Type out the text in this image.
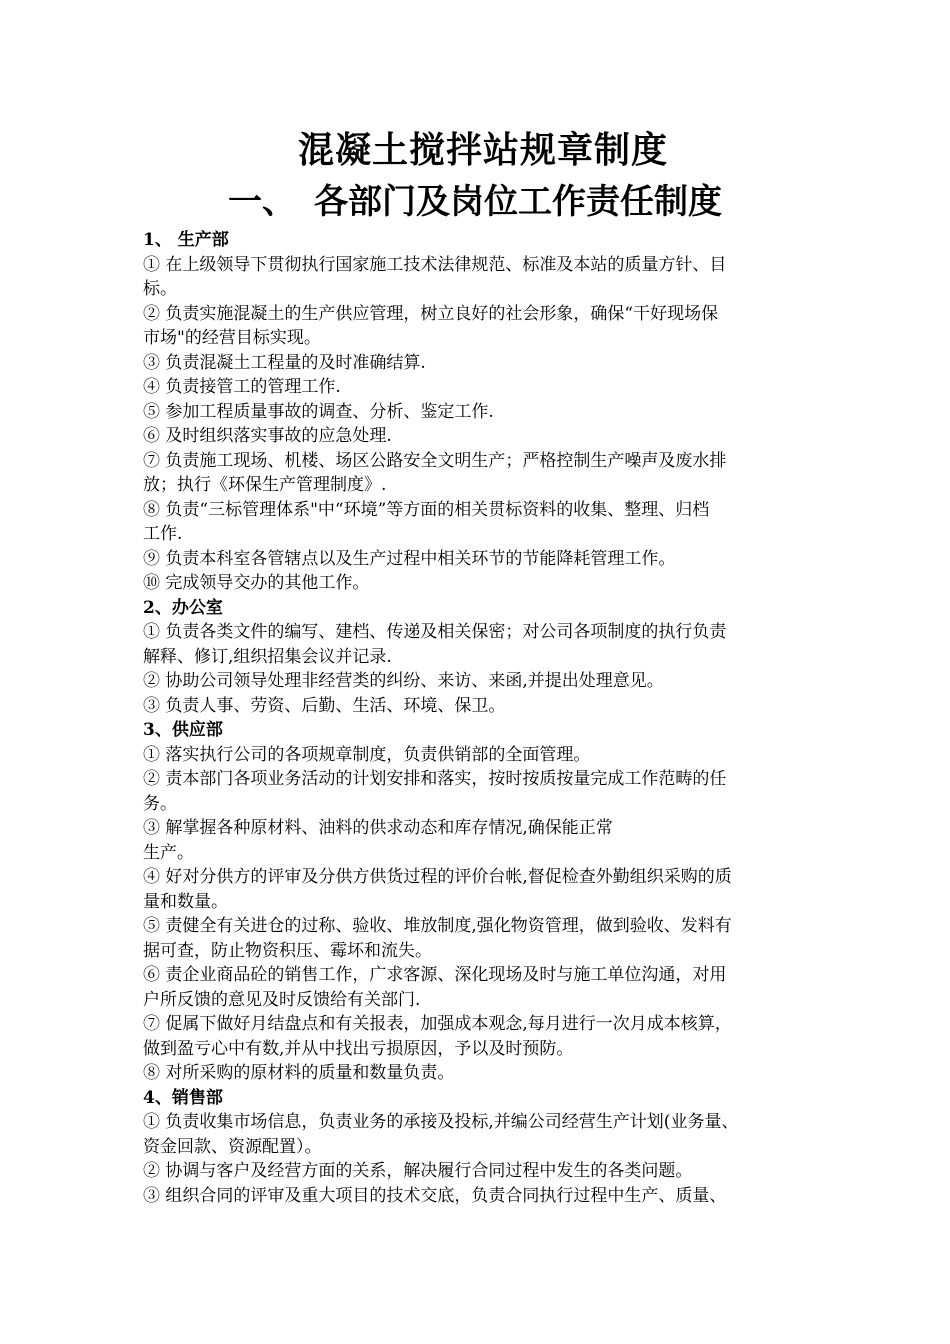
混凝土搅拌站规章制度
一、 各部门及岗位工作责任制度

1、 生产部

① 在上级领导下贯彻执行国家施工技术法律规范、标准及本站的质量方针、目
标。

② 负责实施混凝土的生产供应管理，树立良好的社会形象，确保“干好现场保
市场"的经营目标实现。

③ 负责混凝土工程量的及时准确结算.

④ 负责接管工的管理工作.

⑤ 参加工程质量事故的调查、分析、鉴定工作.

⑥ 及时组织落实事故的应急处理.

⑦ 负责施工现场、机楼、场区公路安全文明生产；严格控制生产噪声及废水排
放；执行《环保生产管理制度》.

⑧ 负责“三标管理体系"中“环境”等方面的相关贯标资料的收集、整理、归档
工作.

⑨ 负责本科室各管辖点以及生产过程中相关环节的节能降耗管理工作。

⑩ 完成领导交办的其他工作。

2、办公室

① 负责各类文件的编写、建档、传递及相关保密；对公司各项制度的执行负责
解释、修订,组织招集会议并记录.

② 协助公司领导处理非经营类的纠纷、来访、来函,并提出处理意见。

③ 负责人事、劳资、后勤、生活、环境、保卫。

3、供应部

① 落实执行公司的各项规章制度，负责供销部的全面管理。

② 责本部门各项业务活动的计划安排和落实，按时按质按量完成工作范畴的任
务。

③ 解掌握各种原材料、油料的供求动态和库存情况,确保能正常
生产。

④ 好对分供方的评审及分供方供货过程的评价台帐,督促检查外勤组织采购的质
量和数量。

⑤ 责健全有关进仓的过称、验收、堆放制度,强化物资管理，做到验收、发料有
据可查，防止物资积压、霉坏和流失。

⑥ 责企业商品砼的销售工作，广求客源、深化现场及时与施工单位沟通，对用
户所反馈的意见及时反馈给有关部门.

⑦ 促属下做好月结盘点和有关报表，加强成本观念,每月进行一次月成本核算，
做到盈亏心中有数,并从中找出亏损原因，予以及时预防。

⑧ 对所采购的原材料的质量和数量负责。

4、销售部

① 负责收集市场信息，负责业务的承接及投标,并编公司经营生产计划(业务量、
资金回款、资源配置）。

② 协调与客户及经营方面的关系，解决履行合同过程中发生的各类问题。

③ 组织合同的评审及重大项目的技术交底，负责合同执行过程中生产、质量、
